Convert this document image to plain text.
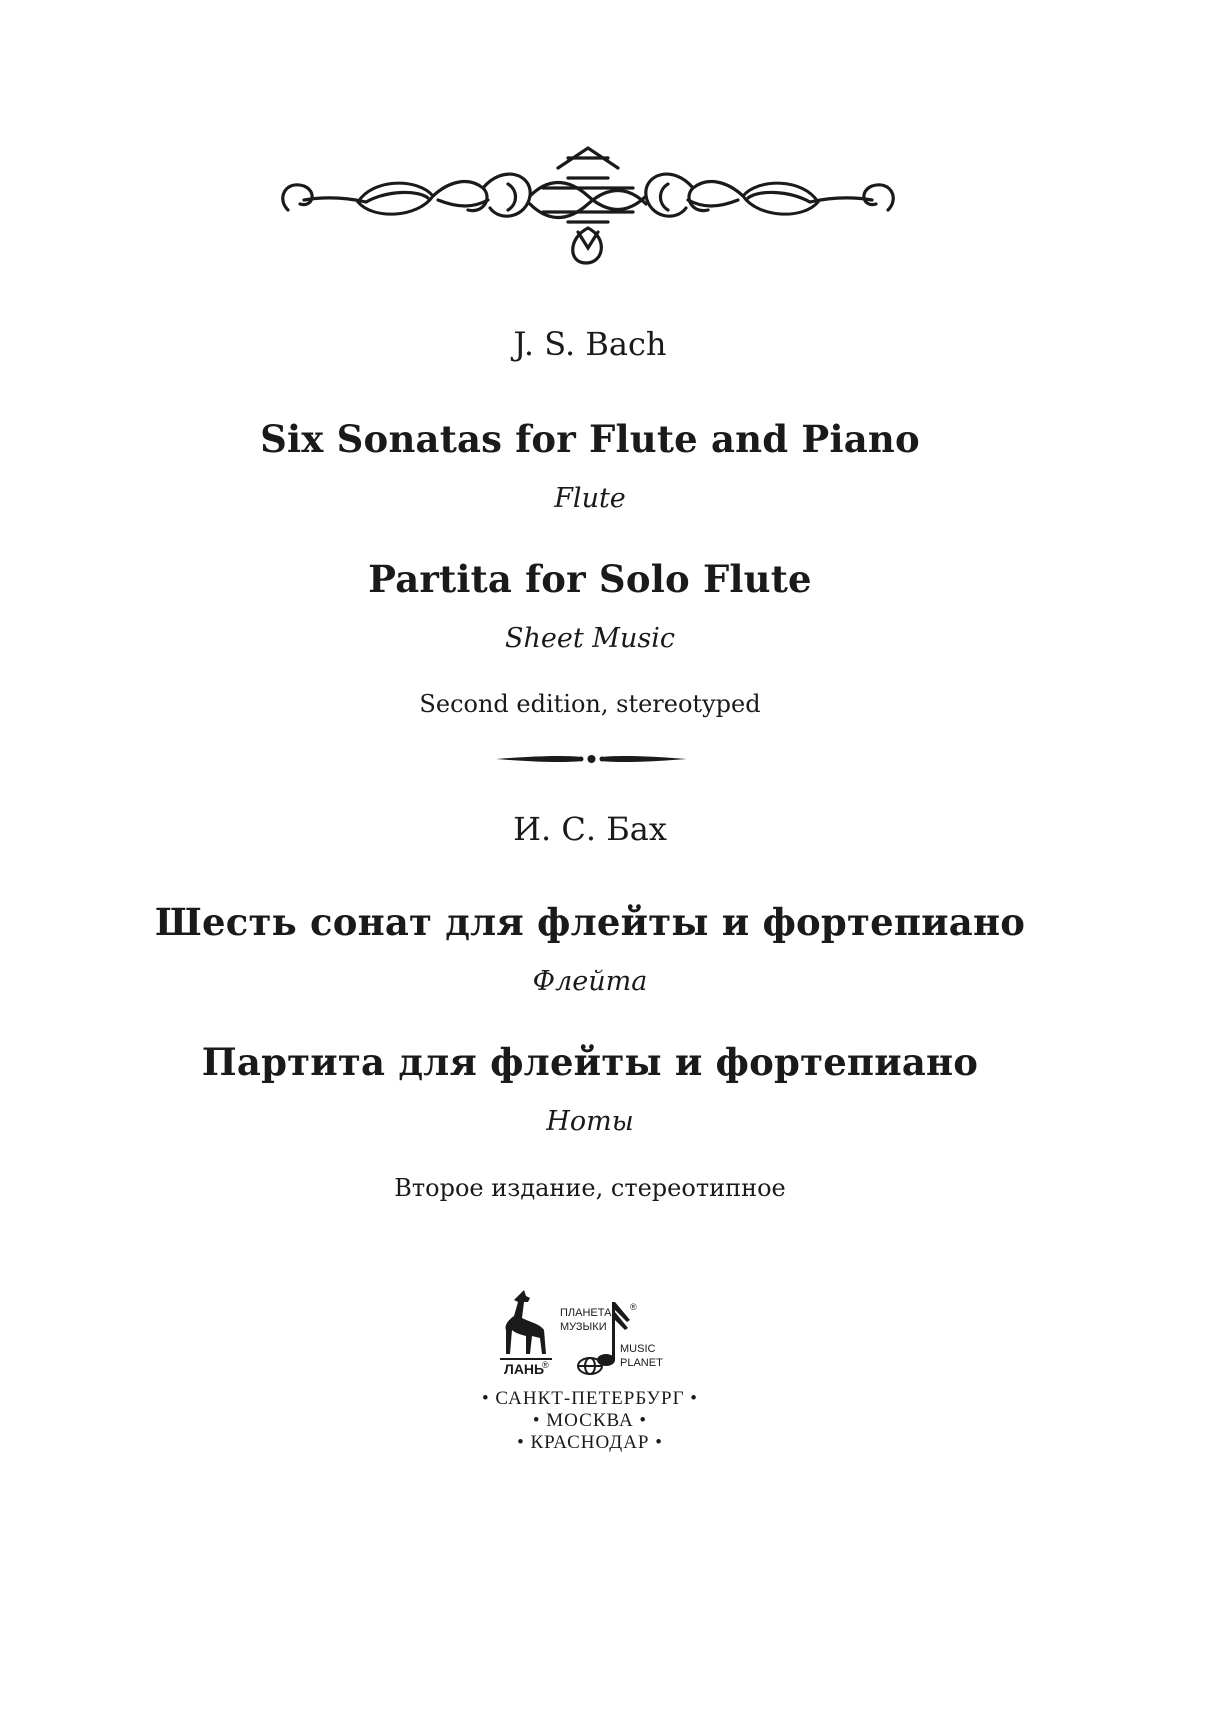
J. S. Bach
Six Sonatas for Flute and Piano
Flute
Partita for Solo Flute
Sheet Music
Second edition, stereotyped
И. С. Бах
Шесть сонат для флейты и фортепиано
Флейта
Партита для флейты и фортепиано
Ноты
Второе издание, стереотипное
ЛАНЬ
®
ПЛАНЕТА
МУЗЫКИ
®
MUSIC
PLANET
• САНКТ-ПЕТЕРБУРГ •
• МОСКВА •
• КРАСНОДАР •
